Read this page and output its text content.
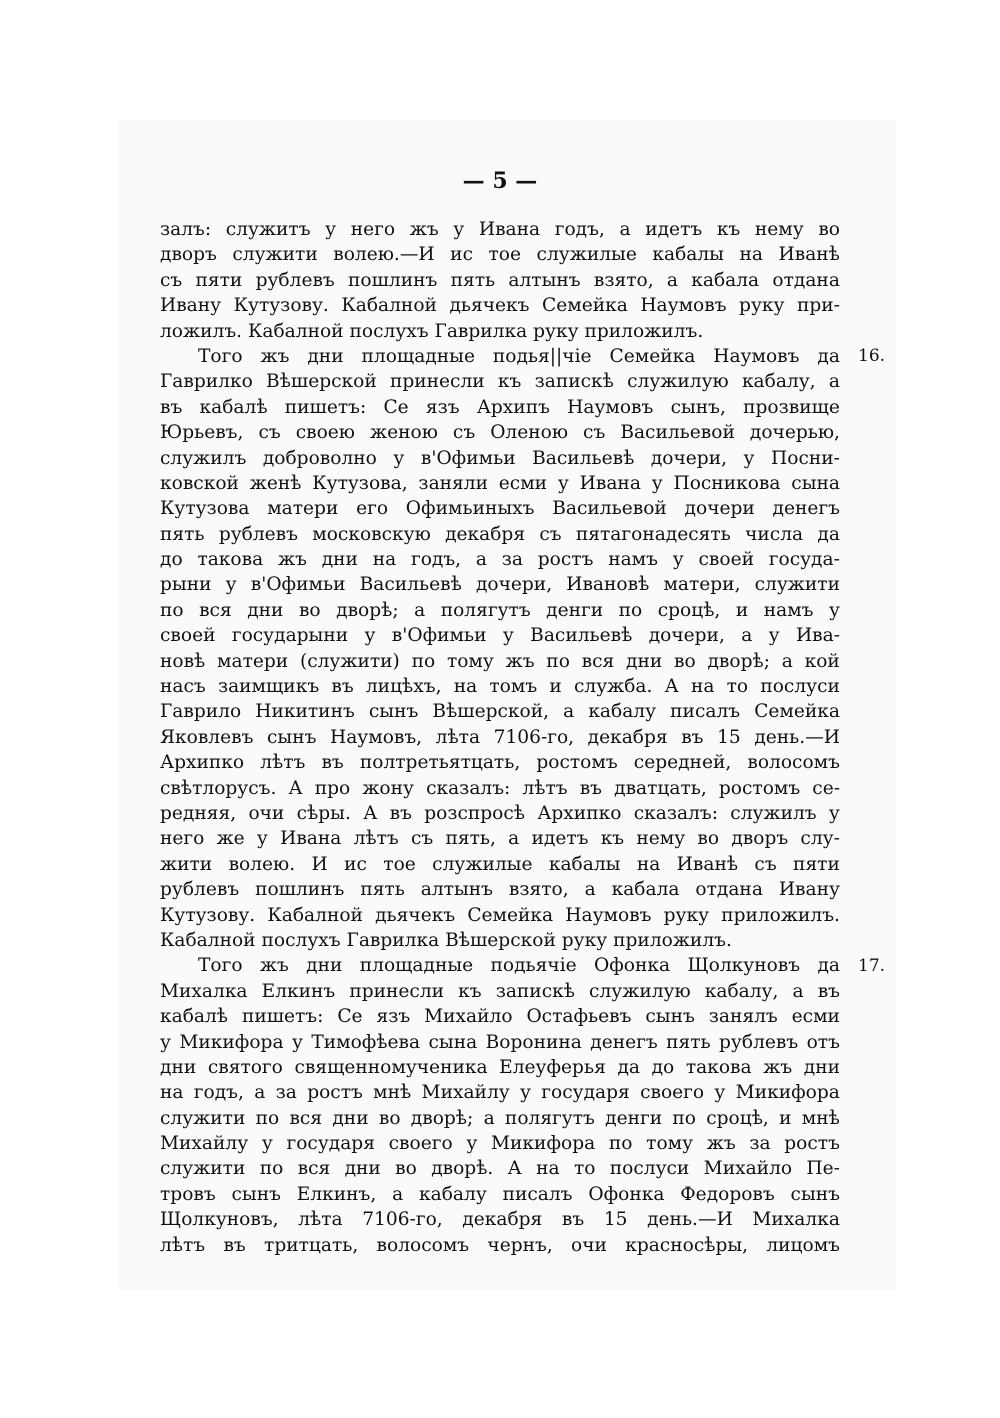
— 5 —
залъ: служитъ у него жъ у Ивана годъ, а идетъ къ нему во
дворъ служити волею.—И ис тое служилые кабалы на Иванѣ
съ пяти рублевъ пошлинъ пять алтынъ взято, а кабала отдана
Ивану Кутузову. Кабалной дьячекъ Семейка Наумовъ руку при-
ложилъ. Кабалной послухъ Гаврилка руку приложилъ.
Того жъ дни площадные подья||чіе Семейка Наумовъ да
Гаврилко Вѣшерской принесли къ запискѣ служилую кабалу, а
въ кабалѣ пишетъ: Се язъ Архипъ Наумовъ сынъ, прозвище
Юрьевъ, съ своею женою съ Оленою съ Васильевой дочерью,
служилъ доброволно у в'Офимьи Васильевѣ дочери, у Посни-
ковской женѣ Кутузова, заняли есми у Ивана у Посникова сына
Кутузова матери его Офимьиныхъ Васильевой дочери денегъ
пять рублевъ московскую декабря съ пятагонадесять числа да
до такова жъ дни на годъ, а за ростъ намъ у своей госуда-
рыни у в'Офимьи Васильевѣ дочери, Ивановѣ матери, служити
по вся дни во дворѣ; а полягутъ денги по сроцѣ, и намъ у
своей государыни у в'Офимьи у Васильевѣ дочери, а у Ива-
новѣ матери (служити) по тому жъ по вся дни во дворѣ; а кой
насъ заимщикъ въ лицѣхъ, на томъ и служба. А на то послуси
Гаврило Никитинъ сынъ Вѣшерской, а кабалу писалъ Семейка
Яковлевъ сынъ Наумовъ, лѣта 7106-го, декабря въ 15 день.—И
Архипко лѣтъ въ полтретьятцать, ростомъ середней, волосомъ
свѣтлорусъ. А про жону сказалъ: лѣтъ въ дватцать, ростомъ се-
редняя, очи сѣры. А въ розспросѣ Архипко сказалъ: служилъ у
него же у Ивана лѣтъ съ пять, а идетъ къ нему во дворъ слу-
жити волею. И ис тое служилые кабалы на Иванѣ съ пяти
рублевъ пошлинъ пять алтынъ взято, а кабала отдана Ивану
Кутузову. Кабалной дьячекъ Семейка Наумовъ руку приложилъ.
Кабалной послухъ Гаврилка Вѣшерской руку приложилъ.
Того жъ дни площадные подьячіе Офонка Щолкуновъ да
Михалка Елкинъ принесли къ запискѣ служилую кабалу, а въ
кабалѣ пишетъ: Се язъ Михайло Остафьевъ сынъ занялъ есми
у Микифора у Тимофѣева сына Воронина денегъ пять рублевъ отъ
дни святого священномученика Елеуферья да до такова жъ дни
на годъ, а за ростъ мнѣ Михайлу у государя своего у Микифора
служити по вся дни во дворѣ; а полягутъ денги по сроцѣ, и мнѣ
Михайлу у государя своего у Микифора по тому жъ за ростъ
служити по вся дни во дворѣ. А на то послуси Михайло Пе-
тровъ сынъ Елкинъ, а кабалу писалъ Офонка Федоровъ сынъ
Щолкуновъ, лѣта 7106-го, декабря въ 15 день.—И Михалка
лѣтъ въ тритцать, волосомъ чернъ, очи красносѣры, лицомъ
16.
17.
